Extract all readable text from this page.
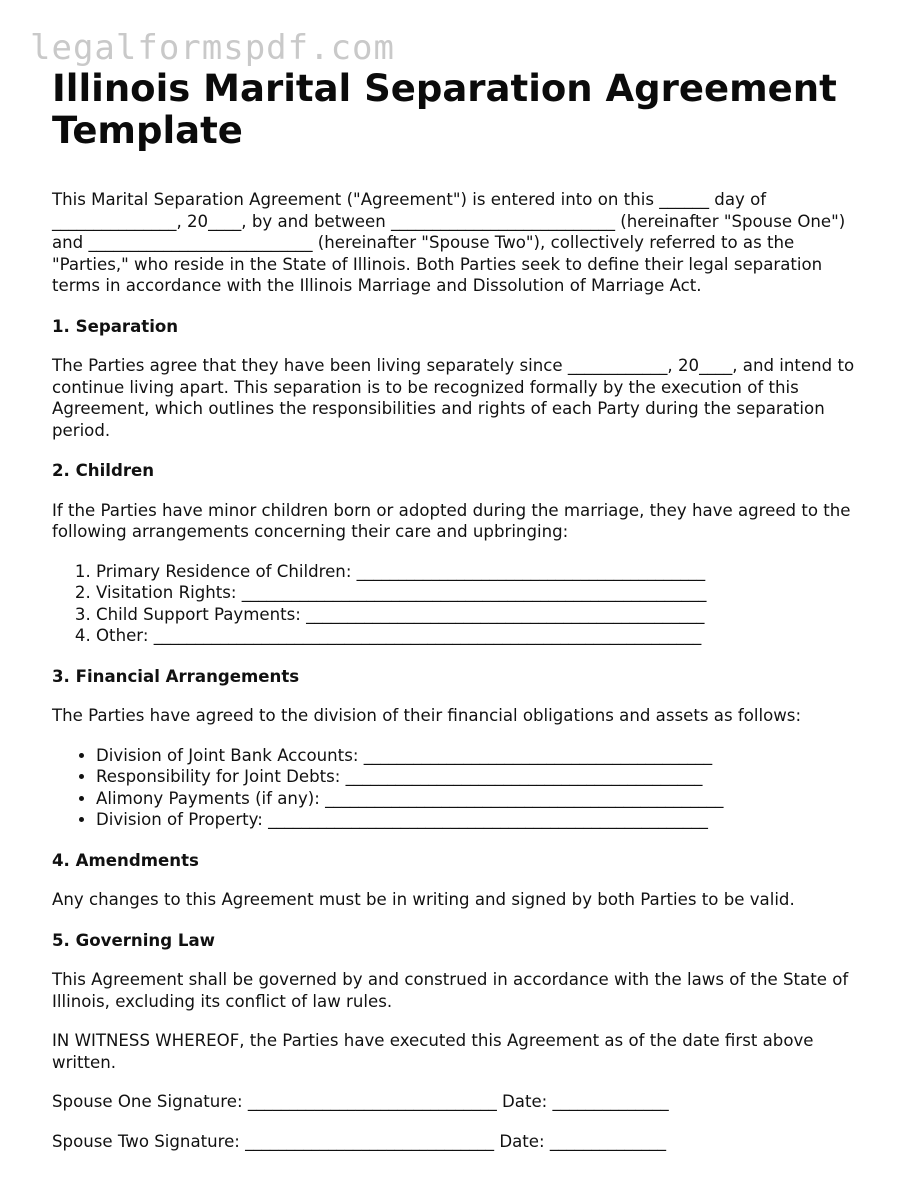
legalformspdf.com
Illinois Marital Separation Agreement Template

This Marital Separation Agreement ("Agreement") is entered into on this ______ day of _______________, 20____, by and between ___________________________ (hereinafter "Spouse One") and ___________________________ (hereinafter "Spouse Two"), collectively referred to as the "Parties," who reside in the State of Illinois. Both Parties seek to define their legal separation terms in accordance with the Illinois Marriage and Dissolution of Marriage Act.

1. Separation

The Parties agree that they have been living separately since ____________, 20____, and intend to continue living apart. This separation is to be recognized formally by the execution of this Agreement, which outlines the responsibilities and rights of each Party during the separation period.

2. Children

If the Parties have minor children born or adopted during the marriage, they have agreed to the following arrangements concerning their care and upbringing:

1. Primary Residence of Children: __________________________________________
2. Visitation Rights: ________________________________________________________
3. Child Support Payments: ________________________________________________
4. Other: __________________________________________________________________
3. Financial Arrangements

The Parties have agreed to the division of their financial obligations and assets as follows:

• Division of Joint Bank Accounts: __________________________________________
• Responsibility for Joint Debts: ___________________________________________
• Alimony Payments (if any): ________________________________________________
• Division of Property: _____________________________________________________
4. Amendments

Any changes to this Agreement must be in writing and signed by both Parties to be valid.

5. Governing Law

This Agreement shall be governed by and construed in accordance with the laws of the State of Illinois, excluding its conflict of law rules.

IN WITNESS WHEREOF, the Parties have executed this Agreement as of the date first above written.

Spouse One Signature: ______________________________ Date: ______________

Spouse Two Signature: ______________________________ Date: ______________
